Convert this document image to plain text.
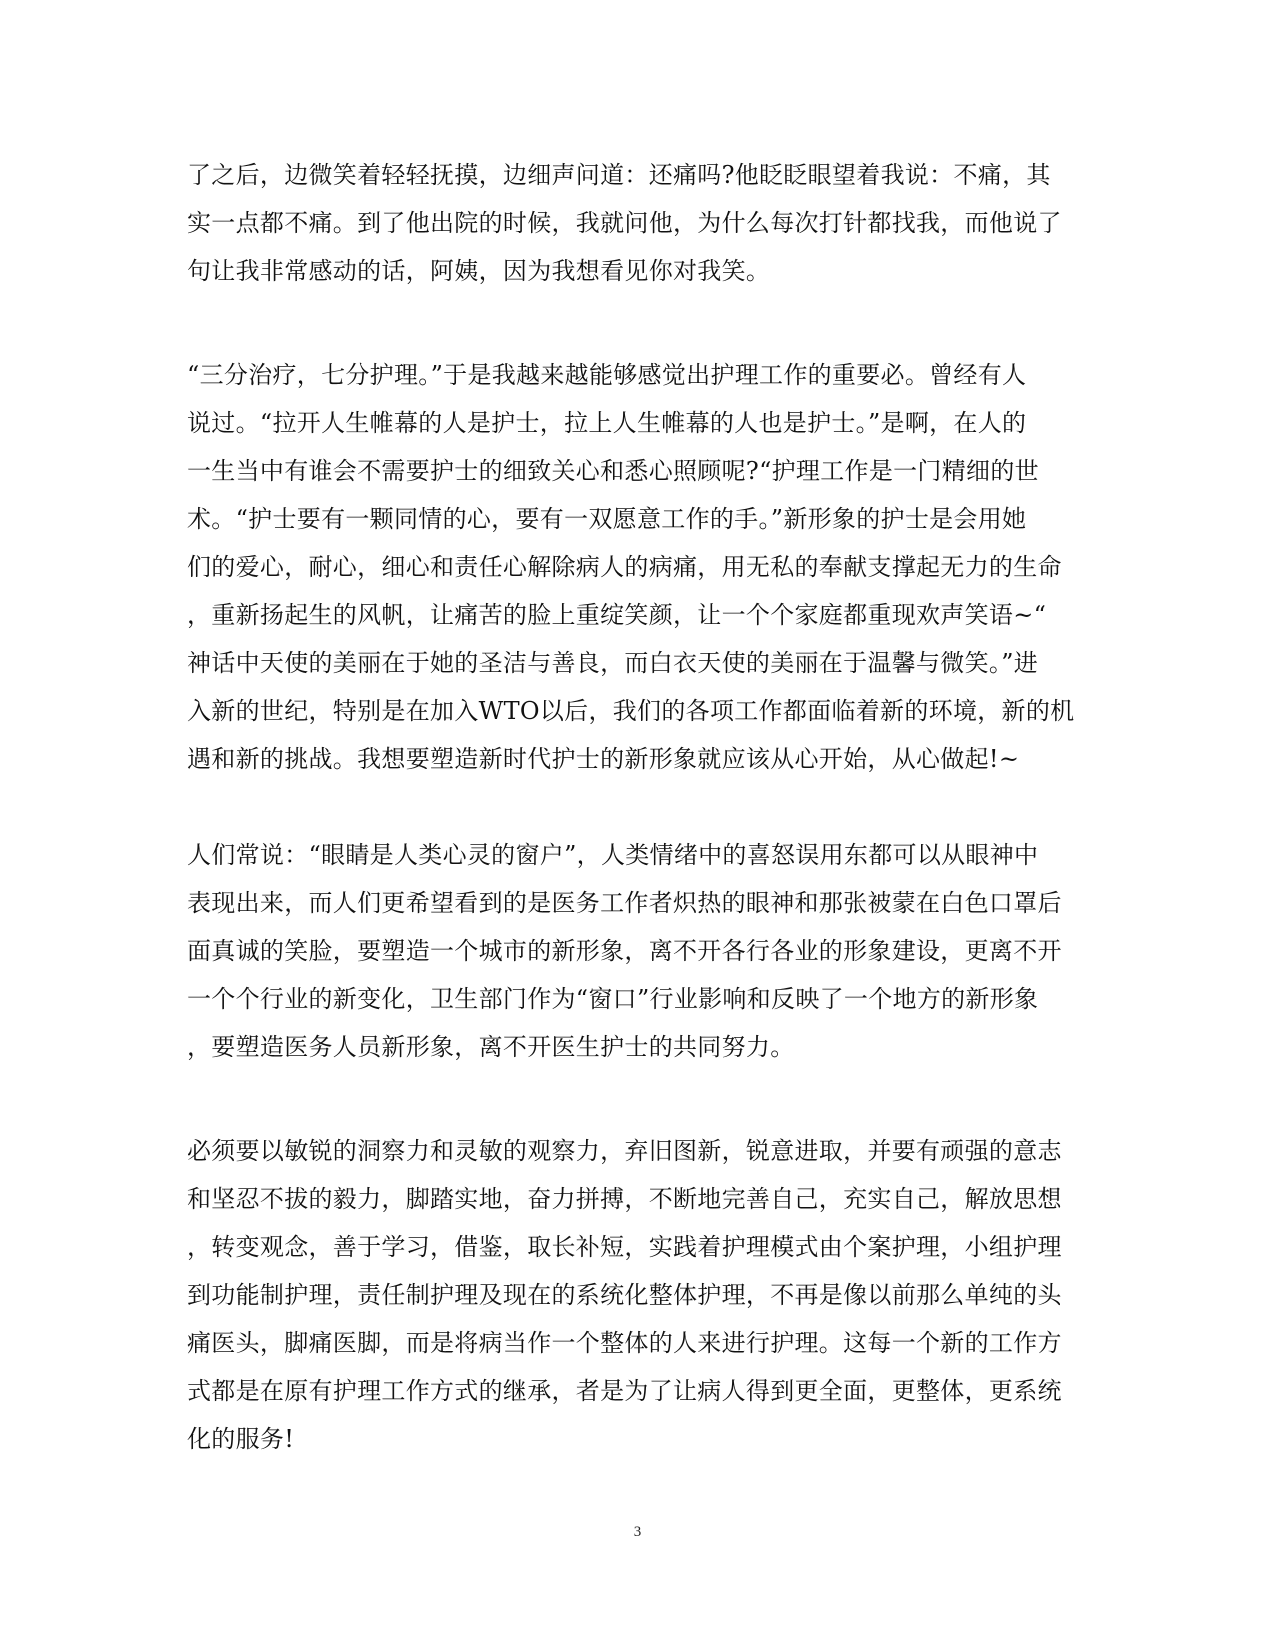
了之后，边微笑着轻轻抚摸，边细声问道：还痛吗?他眨眨眼望着我说：不痛，其
实一点都不痛。到了他出院的时候，我就问他，为什么每次打针都找我，而他说了
句让我非常感动的话，阿姨，因为我想看见你对我笑。
“三分治疗，七分护理。”于是我越来越能够感觉出护理工作的重要必。曾经有人
说过。“拉开人生帷幕的人是护士，拉上人生帷幕的人也是护士。”是啊，在人的
一生当中有谁会不需要护士的细致关心和悉心照顾呢?“护理工作是一门精细的世
术。“护士要有一颗同情的心，要有一双愿意工作的手。”新形象的护士是会用她
们的爱心，耐心，细心和责任心解除病人的病痛，用无私的奉献支撑起无力的生命
，重新扬起生的风帆，让痛苦的脸上重绽笑颜，让一个个家庭都重现欢声笑语~“
神话中天使的美丽在于她的圣洁与善良，而白衣天使的美丽在于温馨与微笑。”进
入新的世纪，特别是在加入WTO以后，我们的各项工作都面临着新的环境，新的机
遇和新的挑战。我想要塑造新时代护士的新形象就应该从心开始，从心做起!~
人们常说：“眼睛是人类心灵的窗户”，人类情绪中的喜怒误用东都可以从眼神中
表现出来，而人们更希望看到的是医务工作者炽热的眼神和那张被蒙在白色口罩后
面真诚的笑脸，要塑造一个城市的新形象，离不开各行各业的形象建设，更离不开
一个个行业的新变化，卫生部门作为“窗口”行业影响和反映了一个地方的新形象
，要塑造医务人员新形象，离不开医生护士的共同努力。
必须要以敏锐的洞察力和灵敏的观察力，弃旧图新，锐意进取，并要有顽强的意志
和坚忍不拔的毅力，脚踏实地，奋力拼搏，不断地完善自己，充实自己，解放思想
，转变观念，善于学习，借鉴，取长补短，实践着护理模式由个案护理，小组护理
到功能制护理，责任制护理及现在的系统化整体护理，不再是像以前那么单纯的头
痛医头，脚痛医脚，而是将病当作一个整体的人来进行护理。这每一个新的工作方
式都是在原有护理工作方式的继承，者是为了让病人得到更全面，更整体，更系统
化的服务!
3
